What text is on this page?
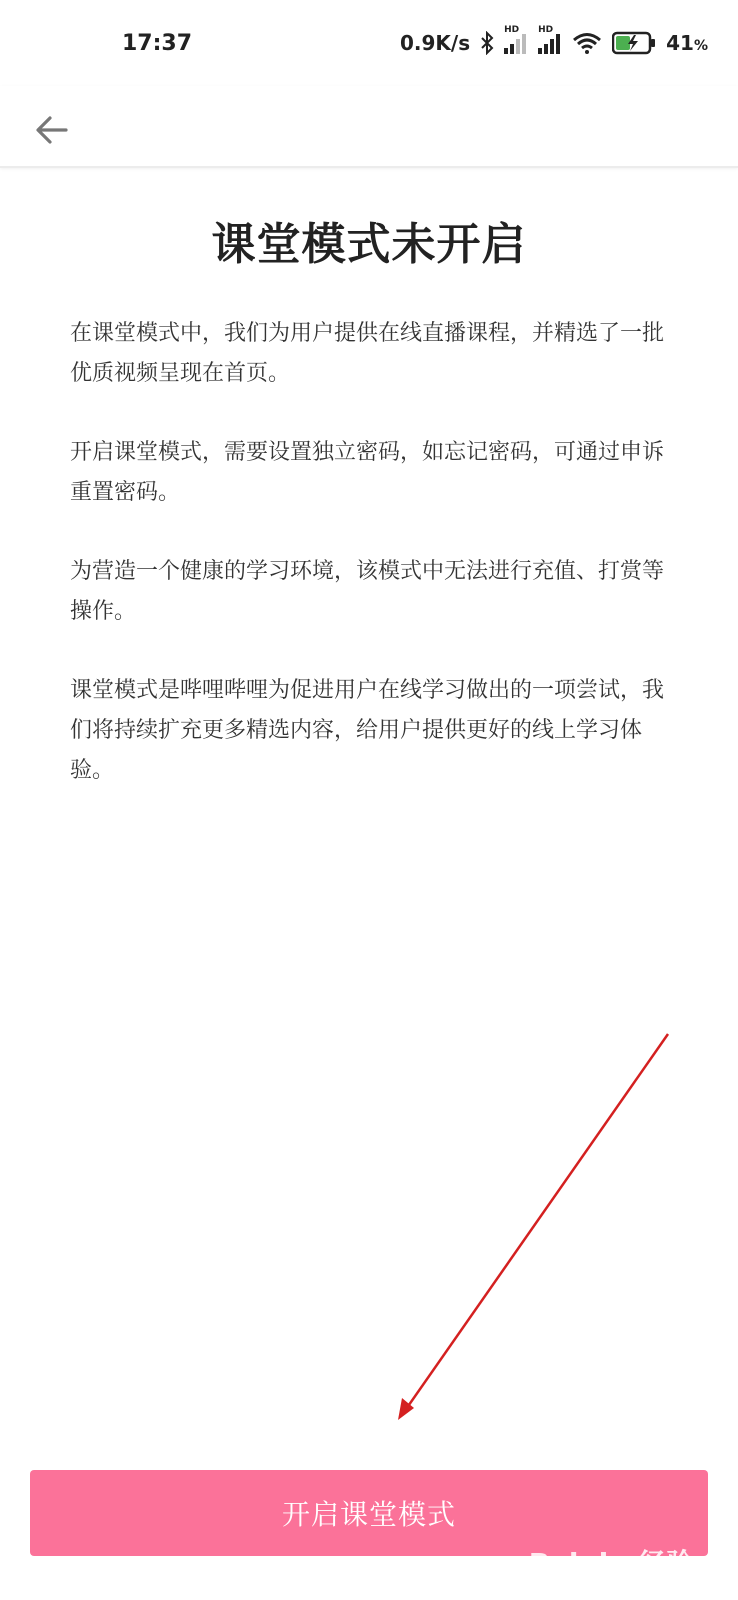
17:37	0.9K/s
HD HD
41%
课堂模式未开启

在课堂模式中，我们为用户提供在线直播课程，并精选了一批优质视频呈现在首页。

开启课堂模式，需要设置独立密码，如忘记密码，可通过申诉重置密码。

为营造一个健康的学习环境，该模式中无法进行充值、打赏等操作。

课堂模式是哔哩哔哩为促进用户在线学习做出的一项尝试，我们将持续扩充更多精选内容，给用户提供更好的线上学习体验。

开启课堂模式
Bai du 经验
